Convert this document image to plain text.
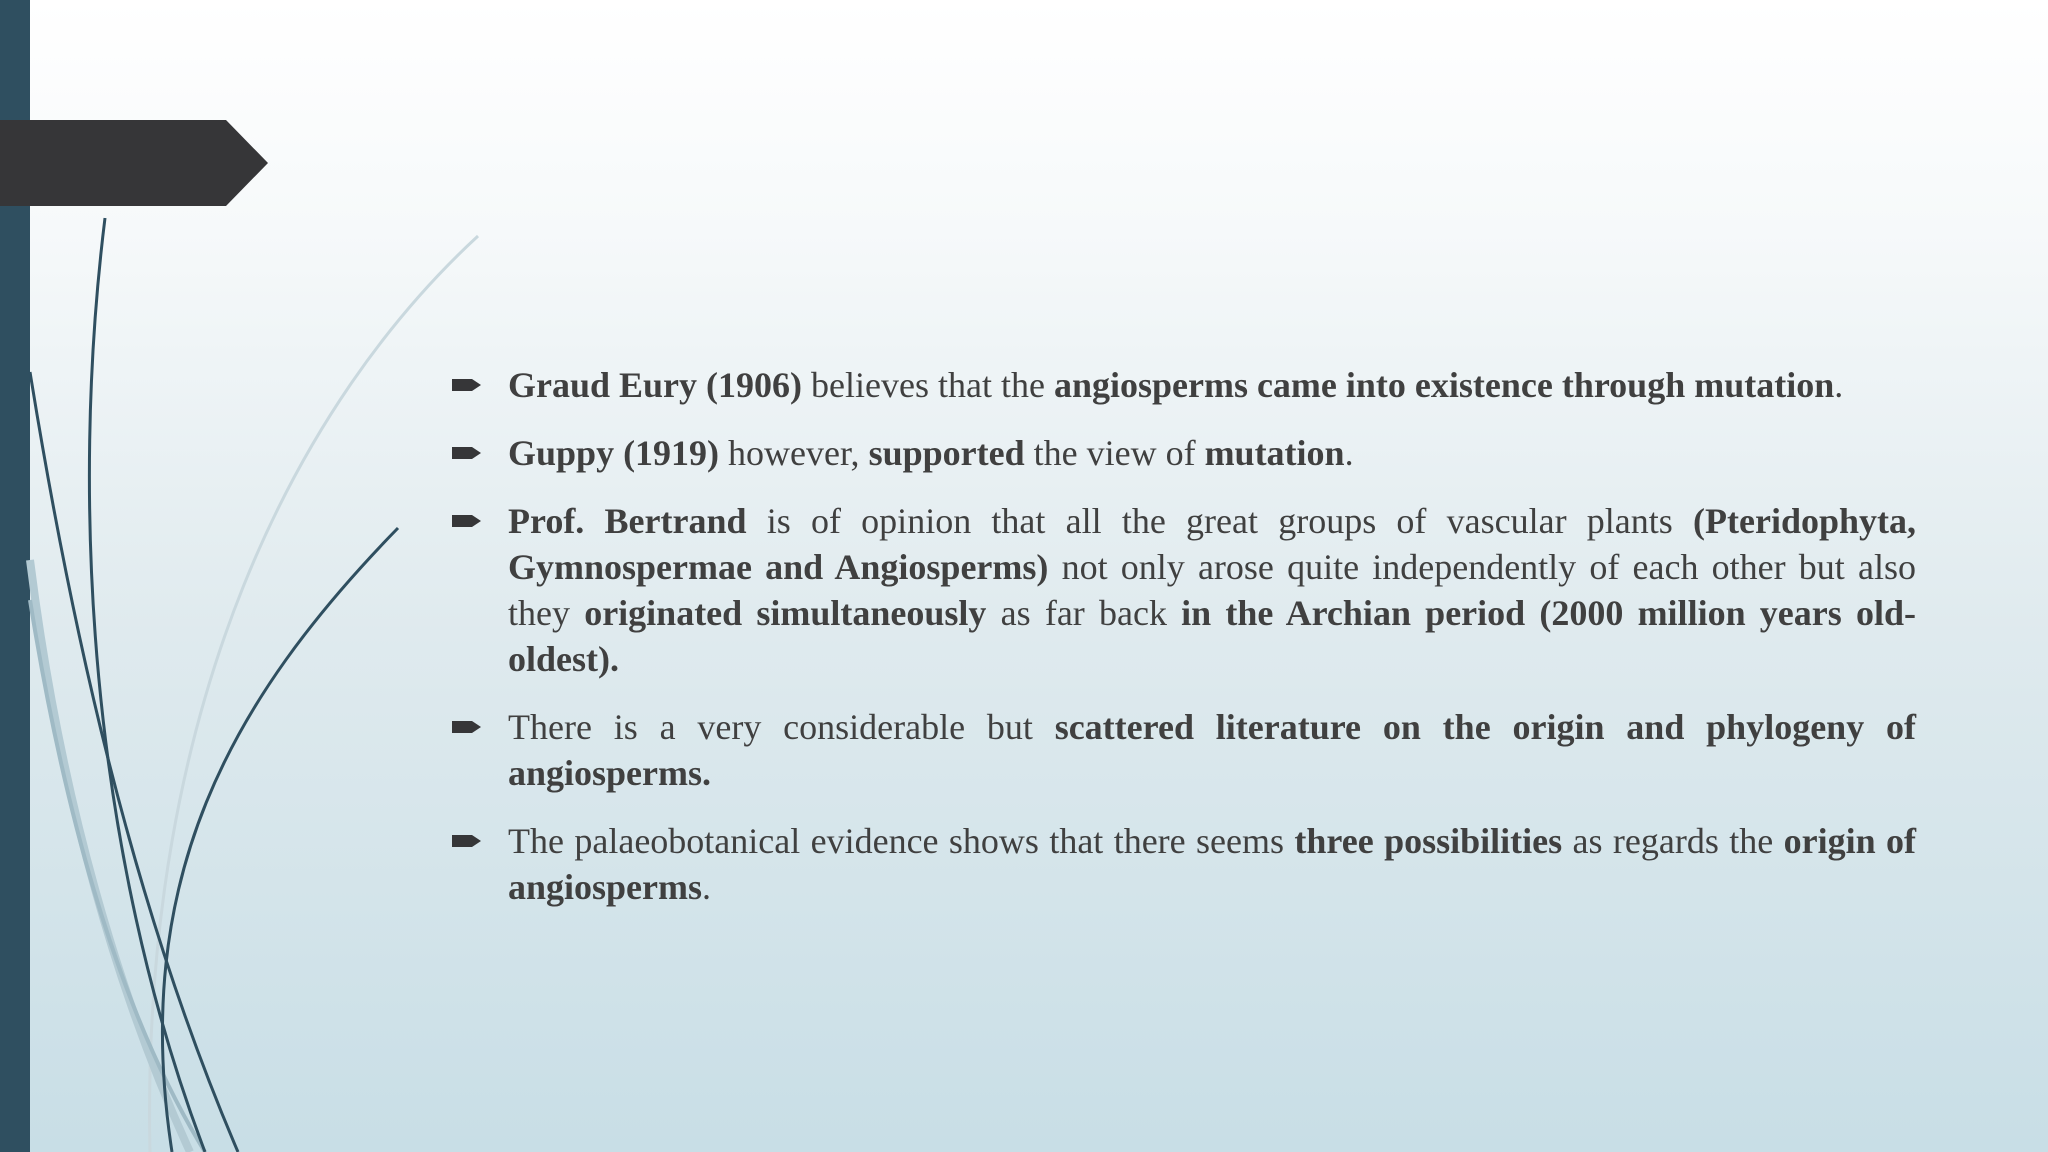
Graud Eury (1906) believes that the angiosperms came into existence through mutation.
Guppy (1919) however, supported the view of mutation.
Prof. Bertrand is of opinion that all the great groups of vascular plants (Pteridophyta, Gymnospermae and Angiosperms) not only arose quite independently of each other but also they originated simultaneously as far back in the Archian period (2000 million years old-oldest).
There is a very considerable but scattered literature on the origin and phylogeny of angiosperms.
The palaeobotanical evidence shows that there seems three possibilities as regards the origin of angiosperms.
